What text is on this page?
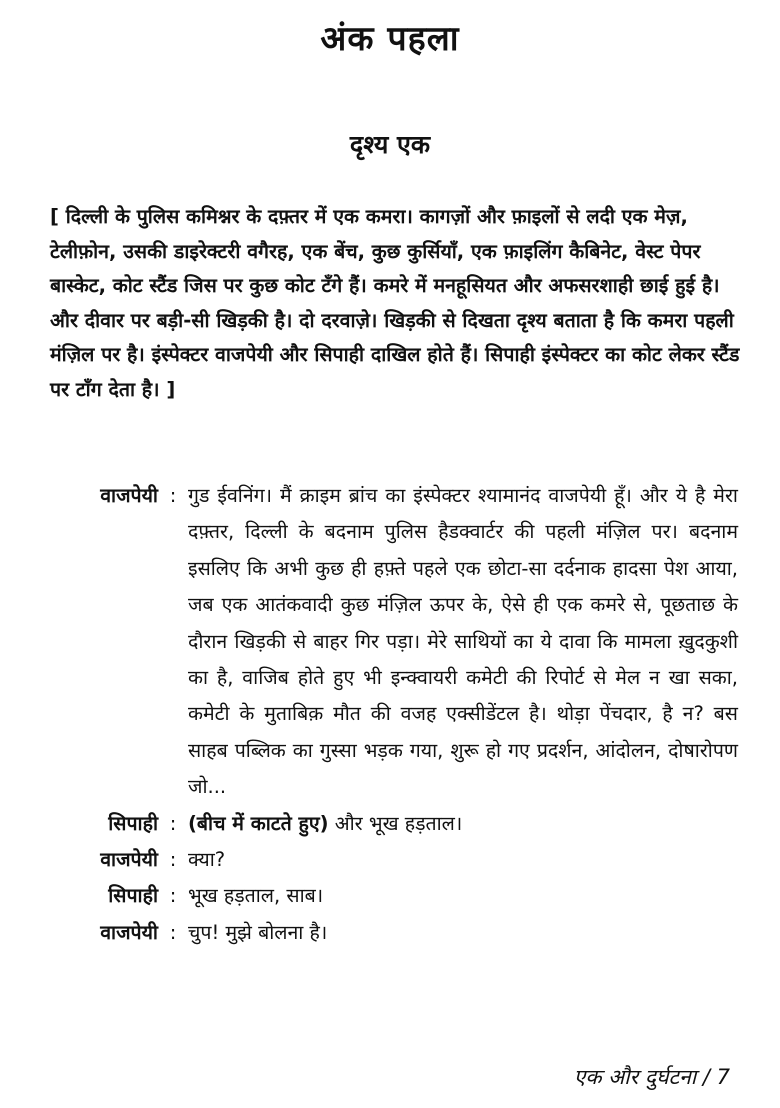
अंक पहला
दृश्य एक

[ दिल्ली के पुलिस कमिश्नर के दफ़्तर में एक कमरा। कागज़ों और फ़ाइलों से लदी एक मेज़, टेलीफ़ोन, उसकी डाइरेक्टरी वगैरह, एक बेंच, कुछ कुर्सियाँ, एक फ़ाइलिंग कैबिनेट, वेस्ट पेपर बास्केट, कोट स्टैंड जिस पर कुछ कोट टँगे हैं। कमरे में मनहूसियत और अफसरशाही छाई हुई है। और दीवार पर बड़ी-सी खिड़की है। दो दरवाज़े। खिड़की से दिखता दृश्य बताता है कि कमरा पहली मंज़िल पर है। इंस्पेक्टर वाजपेयी और सिपाही दाखिल होते हैं। सिपाही इंस्पेक्टर का कोट लेकर स्टैंड पर टाँग देता है। ]

वाजपेयी : गुड ईवनिंग। मैं क्राइम ब्रांच का इंस्पेक्टर श्यामानंद वाजपेयी हूँ। और ये है मेरा दफ़्तर, दिल्ली के बदनाम पुलिस हैडक्वार्टर की पहली मंज़िल पर। बदनाम इसलिए कि अभी कुछ ही हफ़्ते पहले एक छोटा-सा दर्दनाक हादसा पेश आया, जब एक आतंकवादी कुछ मंज़िल ऊपर के, ऐसे ही एक कमरे से, पूछताछ के दौरान खिड़की से बाहर गिर पड़ा। मेरे साथियों का ये दावा कि मामला ख़ुदकुशी का है, वाजिब होते हुए भी इन्क्वायरी कमेटी की रिपोर्ट से मेल न खा सका, कमेटी के मुताबिक़ मौत की वजह एक्सीडेंटल है। थोड़ा पेंचदार, है न? बस साहब पब्लिक का गुस्सा भड़क गया, शुरू हो गए प्रदर्शन, आंदोलन, दोषारोपण जो...
सिपाही : (बीच में काटते हुए) और भूख हड़ताल।
वाजपेयी : क्या?
सिपाही : भूख हड़ताल, साब।
वाजपेयी : चुप! मुझे बोलना है।
एक और दुर्घटना / 7
